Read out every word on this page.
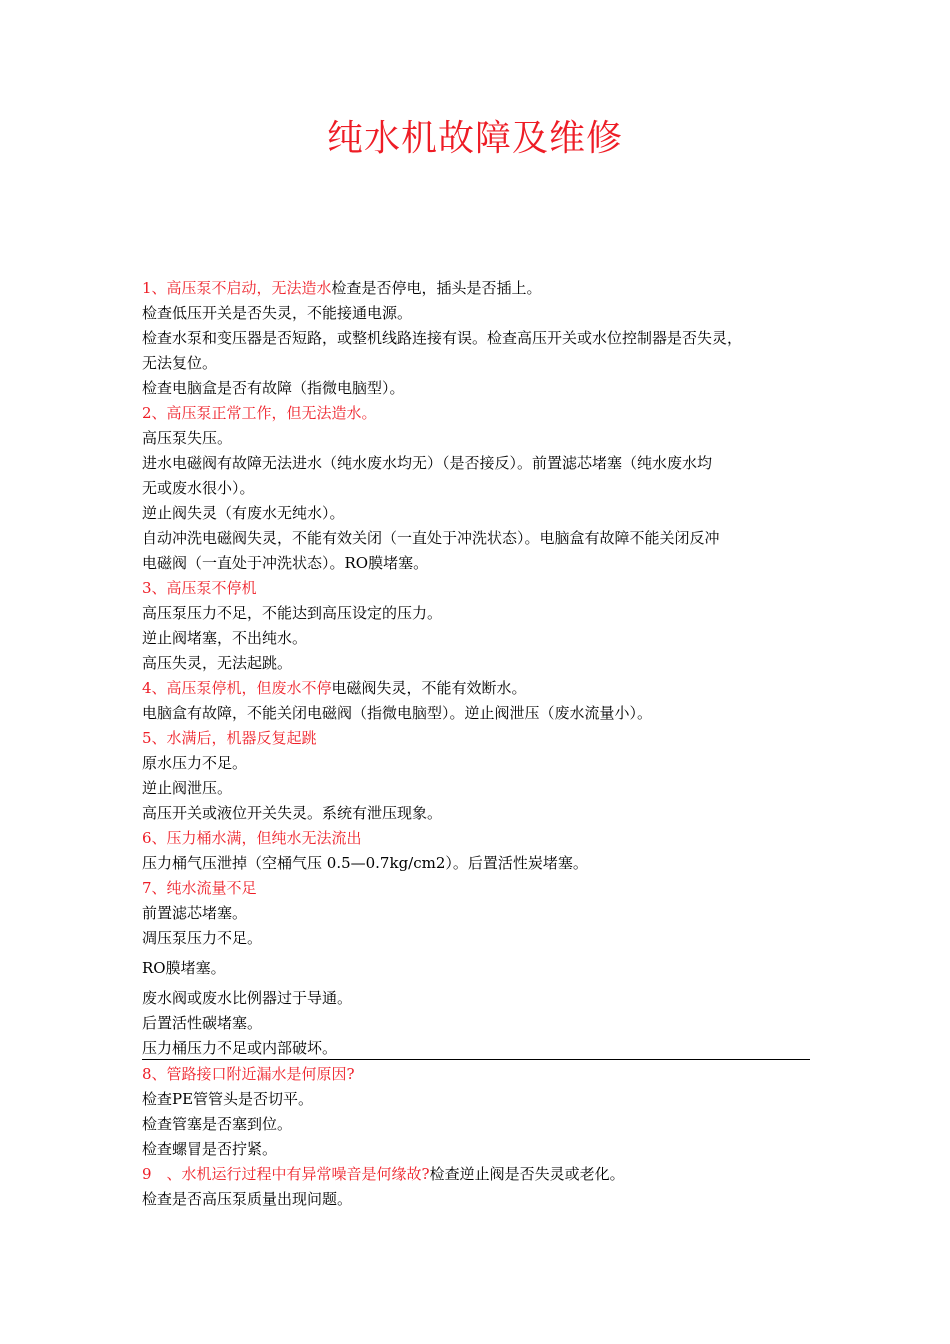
纯水机故障及维修
1、高压泵不启动，无法造水检查是否停电，插头是否插上。
检查低压开关是否失灵，不能接通电源。
检查水泵和变压器是否短路，或整机线路连接有误。检查高压开关或水位控制器是否失灵，
无法复位。
检查电脑盒是否有故障（指微电脑型）。
2、高压泵正常工作，但无法造水。
高压泵失压。
进水电磁阀有故障无法进水（纯水废水均无）（是否接反）。前置滤芯堵塞（纯水废水均
无或废水很小）。
逆止阀失灵（有废水无纯水）。
自动冲洗电磁阀失灵，不能有效关闭（一直处于冲洗状态）。电脑盒有故障不能关闭反冲
电磁阀（一直处于冲洗状态）。RO膜堵塞。
3、高压泵不停机
高压泵压力不足，不能达到高压设定的压力。
逆止阀堵塞，不出纯水。
高压失灵，无法起跳。
4、高压泵停机，但废水不停电磁阀失灵，不能有效断水。
电脑盒有故障，不能关闭电磁阀（指微电脑型）。逆止阀泄压（废水流量小）。
5、水满后，机器反复起跳
原水压力不足。
逆止阀泄压。
高压开关或液位开关失灵。系统有泄压现象。
6、压力桶水满，但纯水无法流出
压力桶气压泄掉（空桶气压 0.5—0.7kg/cm2）。后置活性炭堵塞。
7、纯水流量不足
前置滤芯堵塞。
凋压泵压力不足。
RO膜堵塞。
废水阀或废水比例器过于导通。
后置活性碳堵塞。
压力桶压力不足或内部破坏。
8、管路接口附近漏水是何原因?
检查PE管管头是否切平。
检查管塞是否塞到位。
检查螺冒是否拧紧。
9　、水机运行过程中有异常噪音是何缘故?检查逆止阀是否失灵或老化。
检查是否高压泵质量出现问题。
